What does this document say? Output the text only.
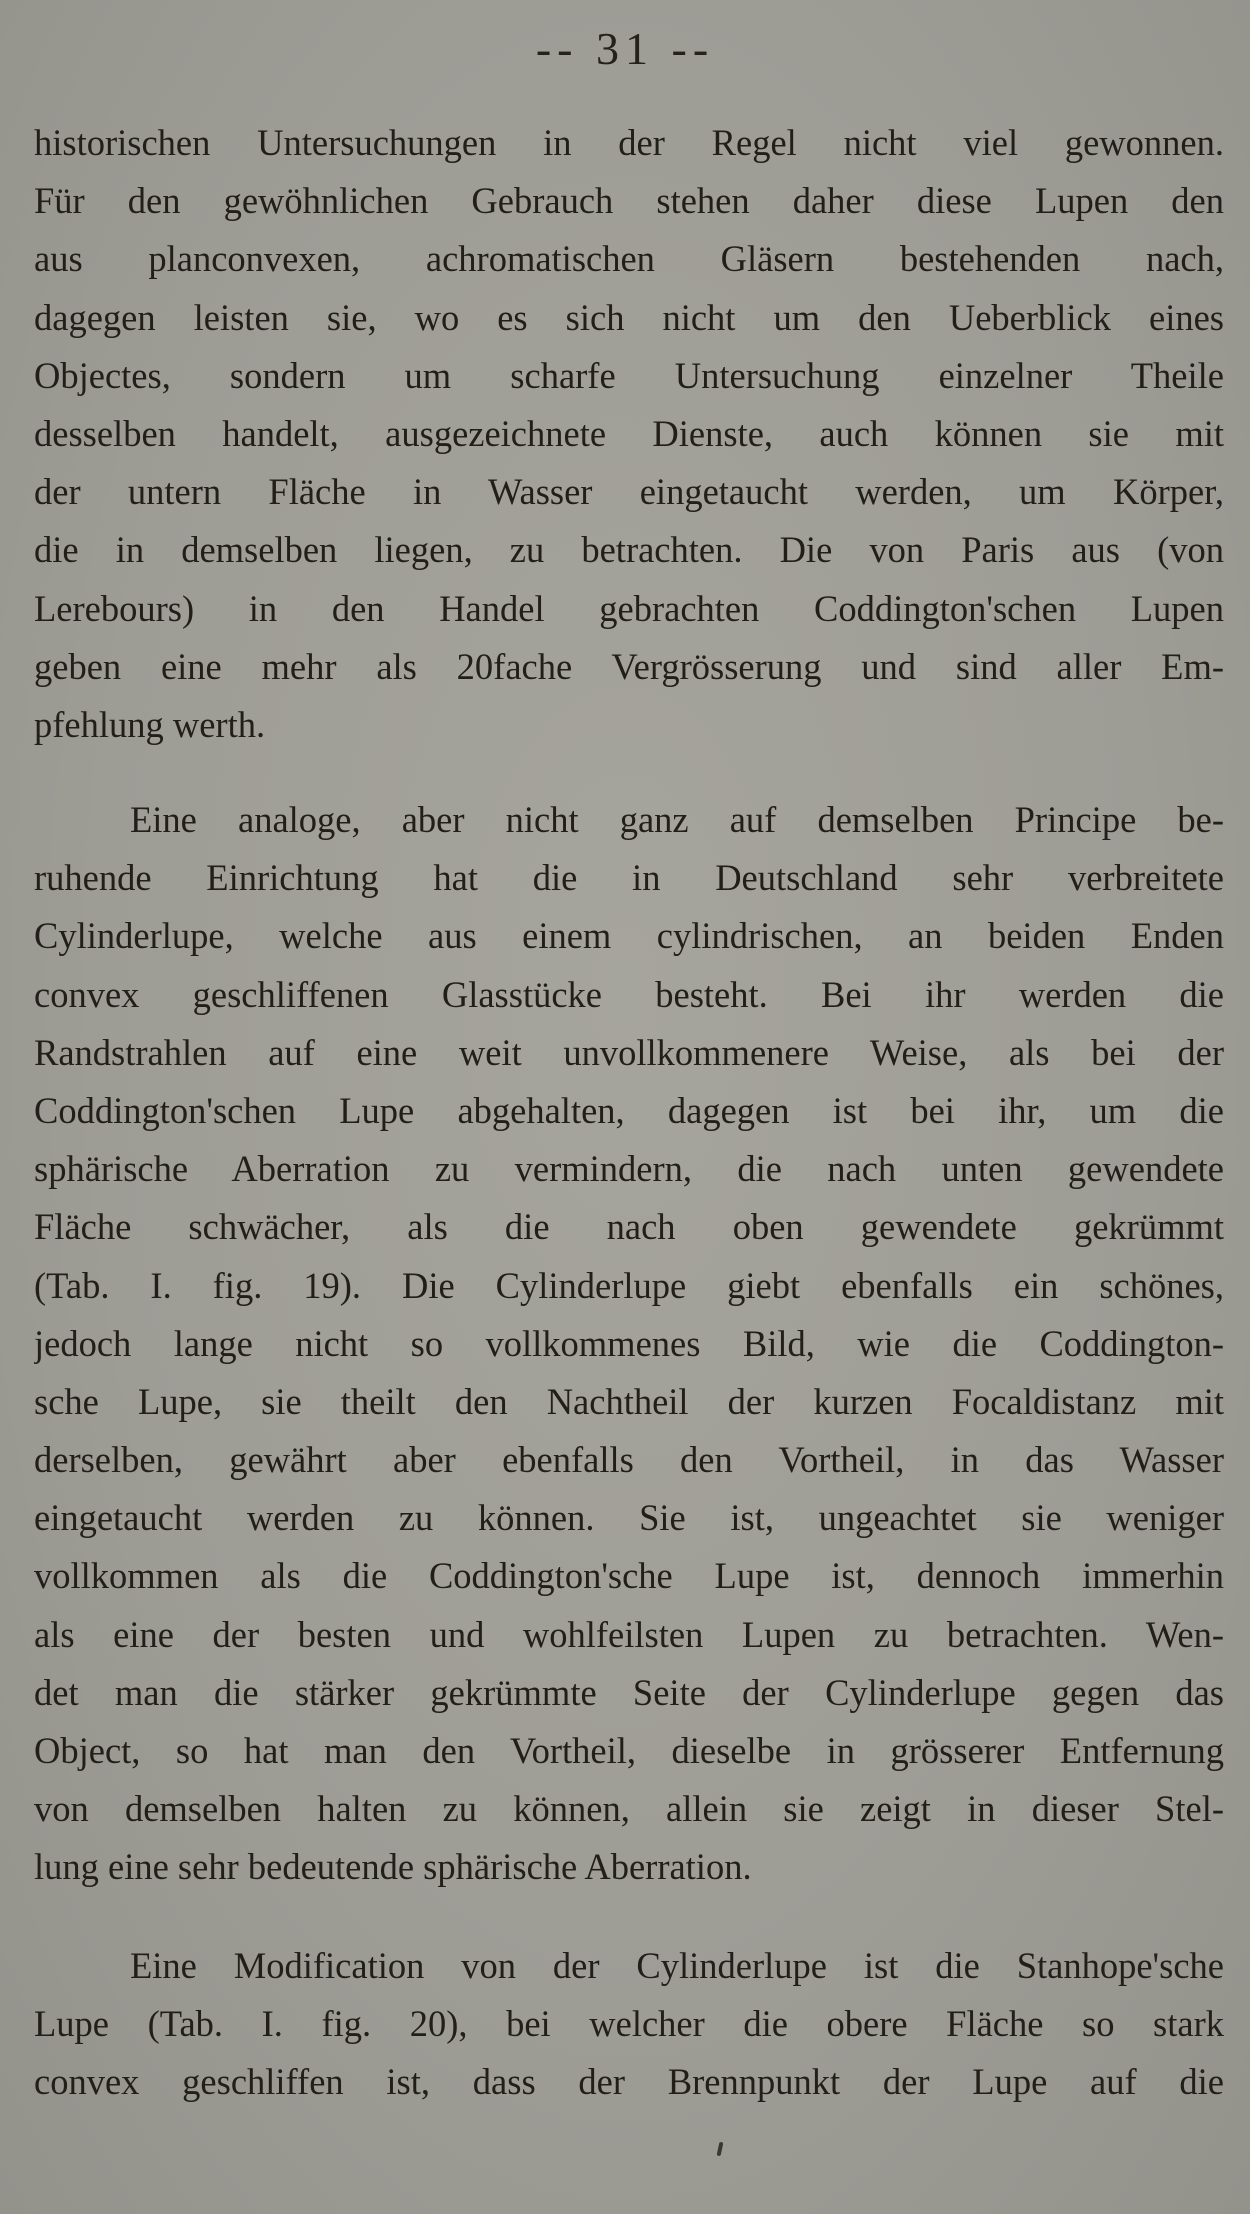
-- 31 --
historischen Untersuchungen in der Regel nicht viel gewonnen.
Für den gewöhnlichen Gebrauch stehen daher diese Lupen den
aus planconvexen, achromatischen Gläsern bestehenden nach,
dagegen leisten sie, wo es sich nicht um den Ueberblick eines
Objectes, sondern um scharfe Untersuchung einzelner Theile
desselben handelt, ausgezeichnete Dienste, auch können sie mit
der untern Fläche in Wasser eingetaucht werden, um Körper,
die in demselben liegen, zu betrachten. Die von Paris aus (von
Lerebours) in den Handel gebrachten Coddington'schen Lupen
geben eine mehr als 20fache Vergrösserung und sind aller Em-
pfehlung werth.
Eine analoge, aber nicht ganz auf demselben Principe be-
ruhende Einrichtung hat die in Deutschland sehr verbreitete
Cylinderlupe, welche aus einem cylindrischen, an beiden Enden
convex geschliffenen Glasstücke besteht. Bei ihr werden die
Randstrahlen auf eine weit unvollkommenere Weise, als bei der
Coddington'schen Lupe abgehalten, dagegen ist bei ihr, um die
sphärische Aberration zu vermindern, die nach unten gewendete
Fläche schwächer, als die nach oben gewendete gekrümmt
(Tab. I. fig. 19). Die Cylinderlupe giebt ebenfalls ein schönes,
jedoch lange nicht so vollkommenes Bild, wie die Coddington-
sche Lupe, sie theilt den Nachtheil der kurzen Focaldistanz mit
derselben, gewährt aber ebenfalls den Vortheil, in das Wasser
eingetaucht werden zu können. Sie ist, ungeachtet sie weniger
vollkommen als die Coddington'sche Lupe ist, dennoch immerhin
als eine der besten und wohlfeilsten Lupen zu betrachten. Wen-
det man die stärker gekrümmte Seite der Cylinderlupe gegen das
Object, so hat man den Vortheil, dieselbe in grösserer Entfernung
von demselben halten zu können, allein sie zeigt in dieser Stel-
lung eine sehr bedeutende sphärische Aberration.
Eine Modification von der Cylinderlupe ist die Stanhope'sche
Lupe (Tab. I. fig. 20), bei welcher die obere Fläche so stark
convex geschliffen ist, dass der Brennpunkt der Lupe auf die
